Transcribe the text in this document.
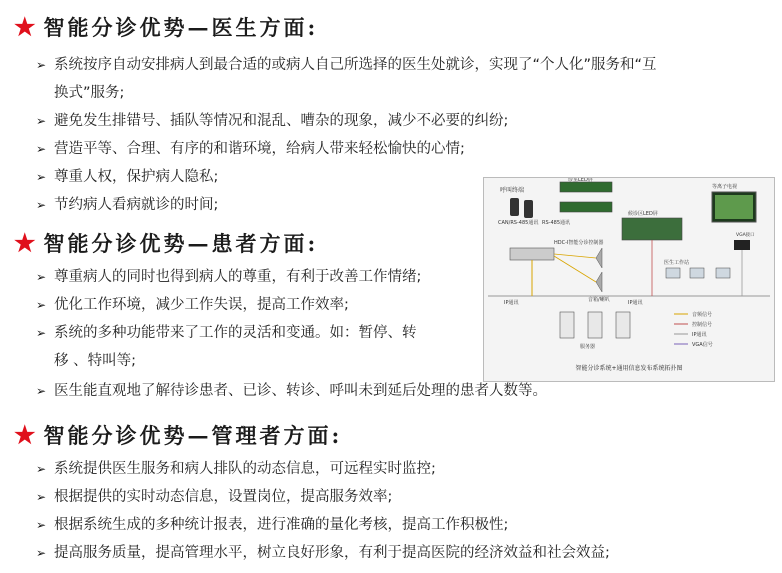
★ 智能分诊优势—医生方面:
➢ 系统按序自动安排病人到最合适的或病人自己所选择的医生处就诊，实现了“个人化”服务和“互
换式”服务;
➢ 避免发生排错号、插队等情况和混乱、嘈杂的现象，减少不必要的纠纷;
➢ 营造平等、合理、有序的和谐环境，给病人带来轻松愉快的心情;
➢ 尊重人权，保护病人隐私;
➢ 节约病人看病就诊的时间;
★ 智能分诊优势—患者方面:
➢ 尊重病人的同时也得到病人的尊重，有利于改善工作情绪;
➢ 优化工作环境，减少工作失误，提高工作效率;
➢ 系统的多种功能带来了工作的灵活和变通。如：暂停、转
移 、特叫等;
➢ 医生能直观地了解待诊患者、已诊、转诊、呼叫未到延后处理的患者人数等。
★ 智能分诊优势—管理者方面:
➢ 系统提供医生服务和病人排队的动态信息，可远程实时监控;
➢ 根据提供的实时动态信息，设置岗位，提高服务效率;
➢ 根据系统生成的多种统计报表，进行准确的量化考核，提高工作积极性;
➢ 提高服务质量，提高管理水平，树立良好形象，有利于提高医院的经济效益和社会效益;
呼叫终端
CAN/RS-485通讯 RS-485通讯
诊室LED屏
候诊区LED屏
等离子电视
VGA接口
HDC-I智能分诊控制器
音箱/喇叭
医生工作站
IP通讯	IP通讯
服务器
音频信号
控制信号
IP通讯
VGA信号
智能分诊系统+通用信息发布系统拓扑图
